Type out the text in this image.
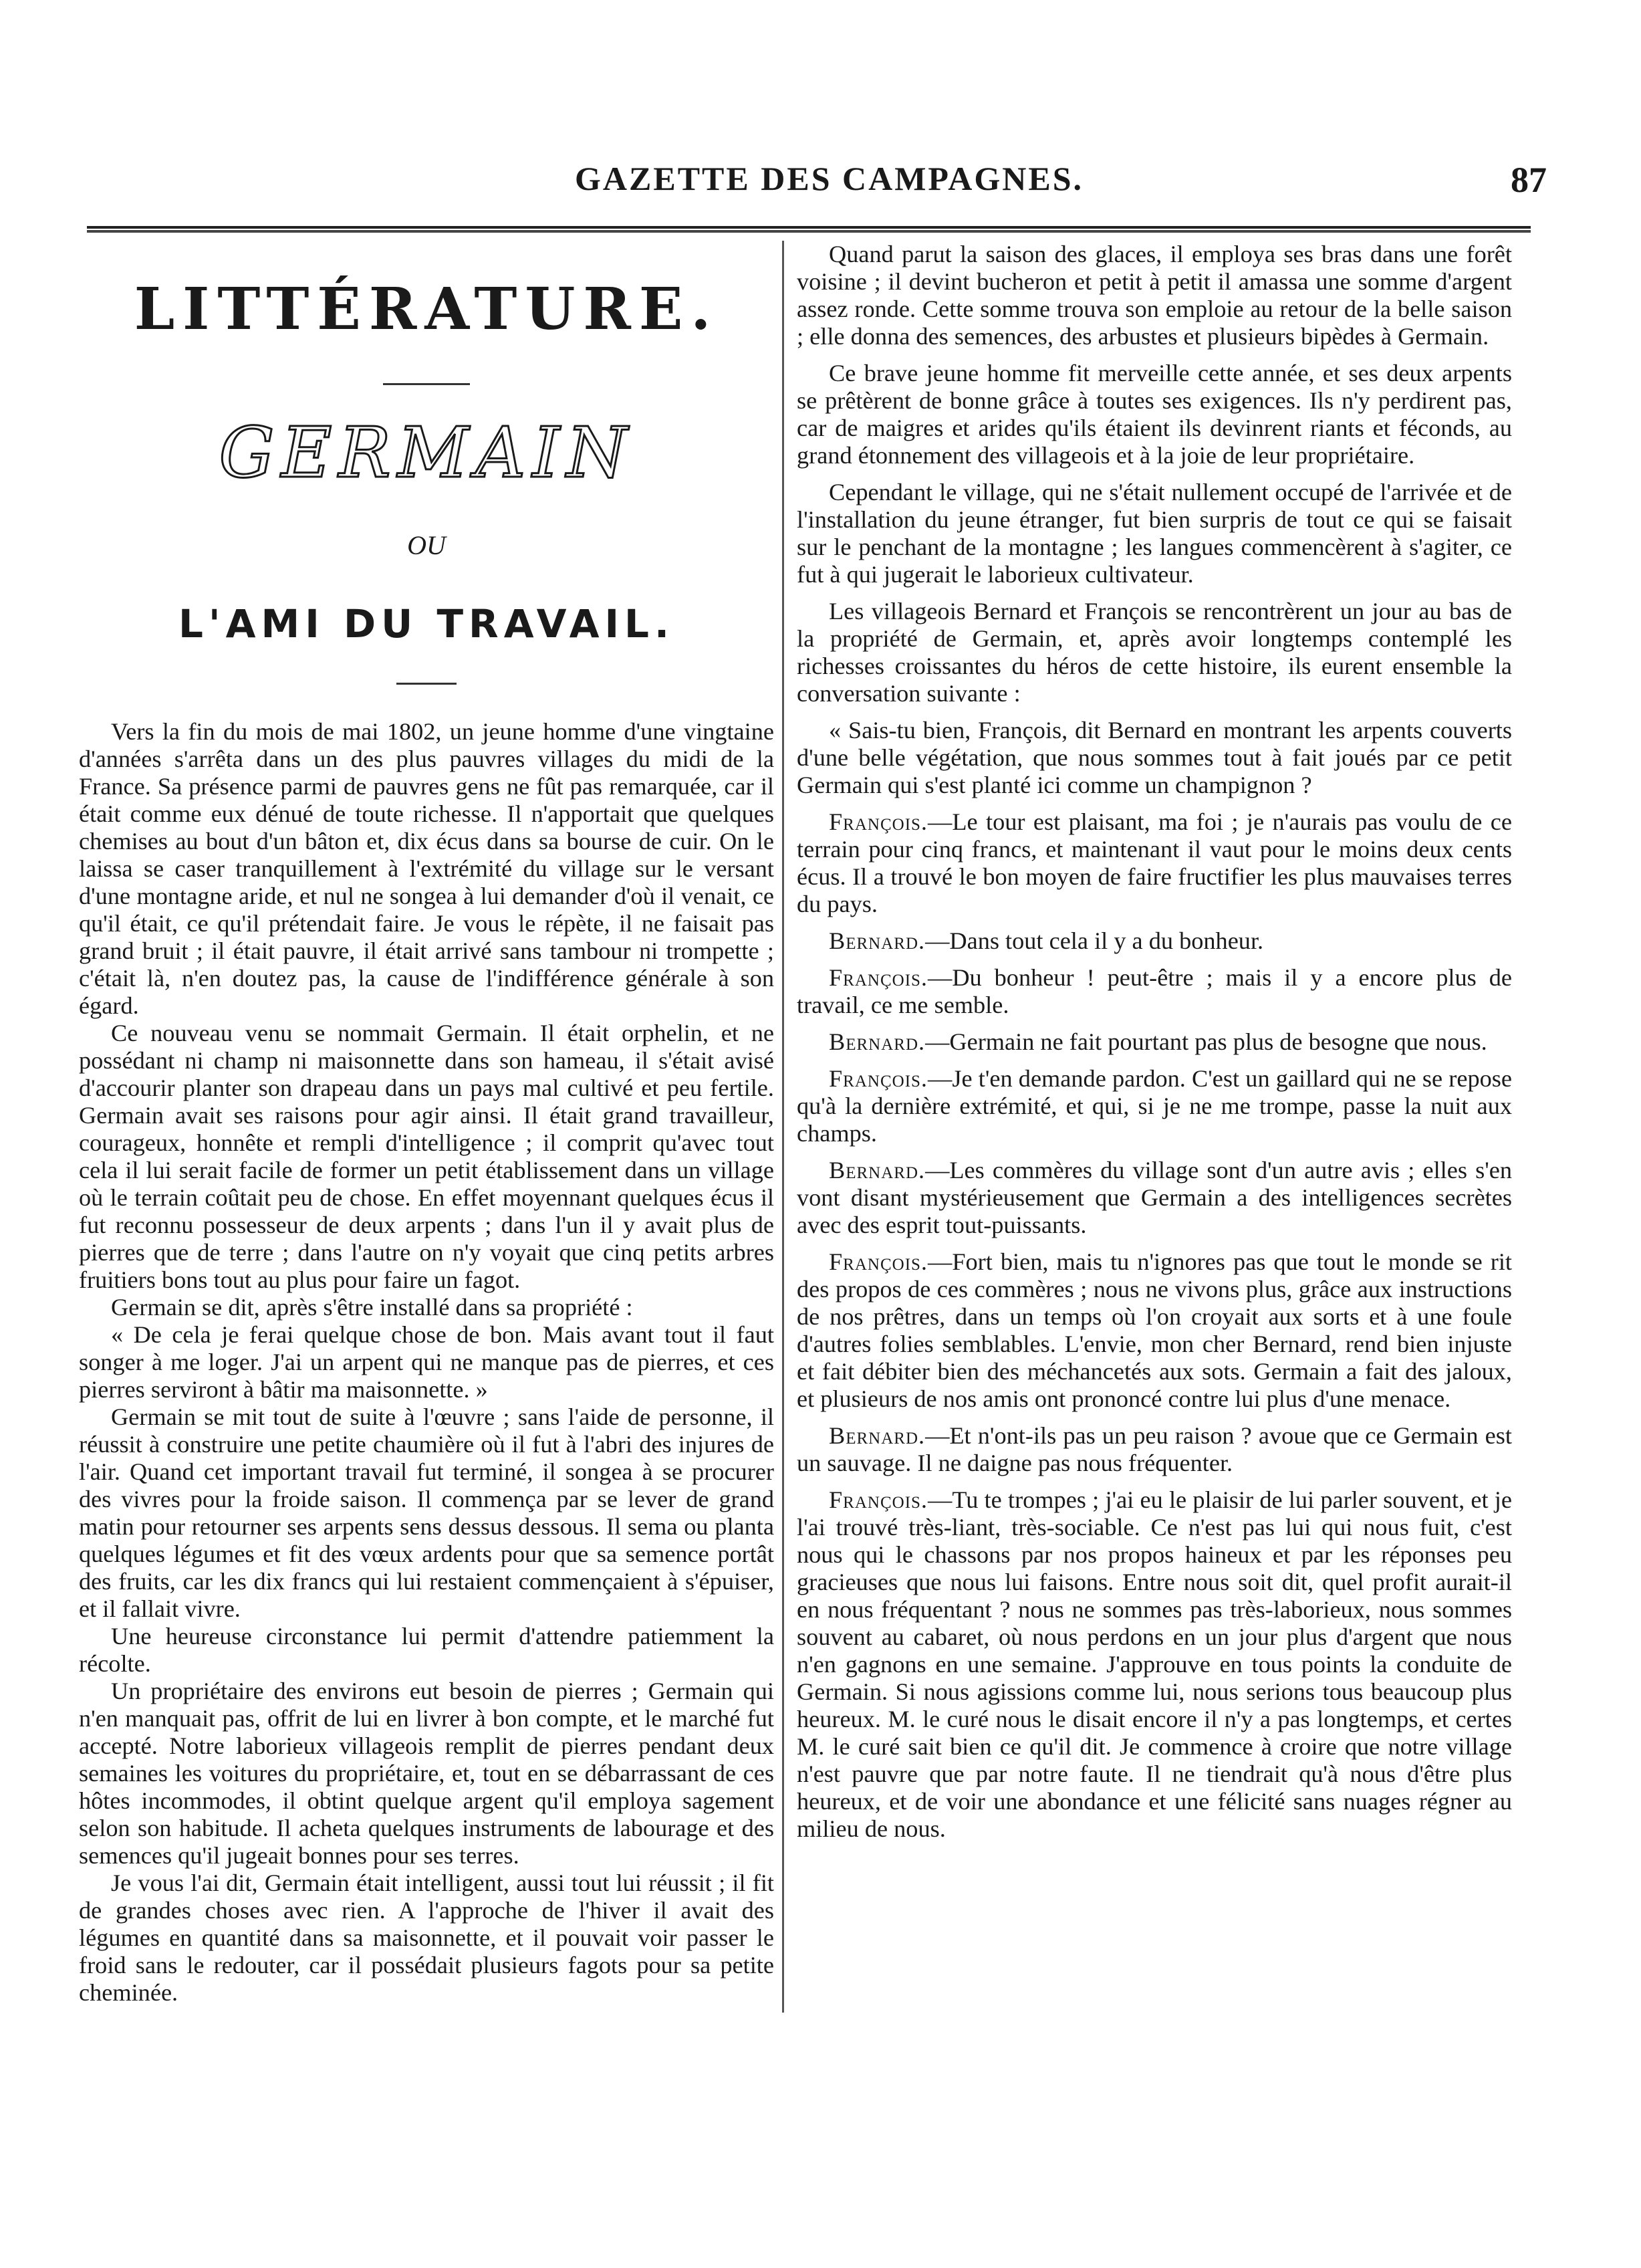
GAZETTE DES CAMPAGNES.	87
LITTÉRATURE.
GERMAIN
OU
L'AMI DU TRAVAIL.

Vers la fin du mois de mai 1802, un jeune homme d'une vingtaine d'années s'arrêta dans un des plus pauvres villages du midi de la France. Sa présence parmi de pauvres gens ne fût pas remarquée, car il était comme eux dénué de toute richesse. Il n'apportait que quelques chemises au bout d'un bâton et, dix écus dans sa bourse de cuir. On le laissa se caser tranquillement à l'extrémité du village sur le versant d'une montagne aride, et nul ne songea à lui demander d'où il venait, ce qu'il était, ce qu'il prétendait faire. Je vous le répète, il ne faisait pas grand bruit ; il était pauvre, il était arrivé sans tambour ni trompette ; c'était là, n'en doutez pas, la cause de l'indifférence générale à son égard.

Ce nouveau venu se nommait Germain. Il était orphelin, et ne possédant ni champ ni maisonnette dans son hameau, il s'était avisé d'accourir planter son drapeau dans un pays mal cultivé et peu fertile. Germain avait ses raisons pour agir ainsi. Il était grand travailleur, courageux, honnête et rempli d'intelligence ; il comprit qu'avec tout cela il lui serait facile de former un petit établissement dans un village où le terrain coûtait peu de chose. En effet moyennant quelques écus il fut reconnu possesseur de deux arpents ; dans l'un il y avait plus de pierres que de terre ; dans l'autre on n'y voyait que cinq petits arbres fruitiers bons tout au plus pour faire un fagot.

Germain se dit, après s'être installé dans sa propriété :

« De cela je ferai quelque chose de bon. Mais avant tout il faut songer à me loger. J'ai un arpent qui ne manque pas de pierres, et ces pierres serviront à bâtir ma maisonnette. »

Germain se mit tout de suite à l'œuvre ; sans l'aide de personne, il réussit à construire une petite chaumière où il fut à l'abri des injures de l'air. Quand cet important travail fut terminé, il songea à se procurer des vivres pour la froide saison. Il commença par se lever de grand matin pour retourner ses arpents sens dessus dessous. Il sema ou planta quelques légumes et fit des vœux ardents pour que sa semence portât des fruits, car les dix francs qui lui restaient commençaient à s'épuiser, et il fallait vivre.

Une heureuse circonstance lui permit d'attendre patiemment la récolte.

Un propriétaire des environs eut besoin de pierres ; Germain qui n'en manquait pas, offrit de lui en livrer à bon compte, et le marché fut accepté. Notre laborieux villageois remplit de pierres pendant deux semaines les voitures du propriétaire, et, tout en se débarrassant de ces hôtes incommodes, il obtint quelque argent qu'il employa sagement selon son habitude. Il acheta quelques instruments de labourage et des semences qu'il jugeait bonnes pour ses terres.

Je vous l'ai dit, Germain était intelligent, aussi tout lui réussit ; il fit de grandes choses avec rien. A l'approche de l'hiver il avait des légumes en quantité dans sa maisonnette, et il pouvait voir passer le froid sans le redouter, car il possédait plusieurs fagots pour sa petite cheminée.

Quand parut la saison des glaces, il employa ses bras dans une forêt voisine ; il devint bucheron et petit à petit il amassa une somme d'argent assez ronde. Cette somme trouva son emploie au retour de la belle saison ; elle donna des semences, des arbustes et plusieurs bipèdes à Germain.

Ce brave jeune homme fit merveille cette année, et ses deux arpents se prêtèrent de bonne grâce à toutes ses exigences. Ils n'y perdirent pas, car de maigres et arides qu'ils étaient ils devinrent riants et féconds, au grand étonnement des villageois et à la joie de leur propriétaire.

Cependant le village, qui ne s'était nullement occupé de l'arrivée et de l'installation du jeune étranger, fut bien surpris de tout ce qui se faisait sur le penchant de la montagne ; les langues commencèrent à s'agiter, ce fut à qui jugerait le laborieux cultivateur.

Les villageois Bernard et François se rencontrèrent un jour au bas de la propriété de Germain, et, après avoir longtemps contemplé les richesses croissantes du héros de cette histoire, ils eurent ensemble la conversation suivante :

« Sais-tu bien, François, dit Bernard en montrant les arpents couverts d'une belle végétation, que nous sommes tout à fait joués par ce petit Germain qui s'est planté ici comme un champignon ?

François.—Le tour est plaisant, ma foi ; je n'aurais pas voulu de ce terrain pour cinq francs, et maintenant il vaut pour le moins deux cents écus. Il a trouvé le bon moyen de faire fructifier les plus mauvaises terres du pays.

Bernard.—Dans tout cela il y a du bonheur.

François.—Du bonheur ! peut-être ; mais il y a encore plus de travail, ce me semble.

Bernard.—Germain ne fait pourtant pas plus de besogne que nous.

François.—Je t'en demande pardon. C'est un gaillard qui ne se repose qu'à la dernière extrémité, et qui, si je ne me trompe, passe la nuit aux champs.

Bernard.—Les commères du village sont d'un autre avis ; elles s'en vont disant mystérieusement que Germain a des intelligences secrètes avec des esprit tout-puissants.

François.—Fort bien, mais tu n'ignores pas que tout le monde se rit des propos de ces commères ; nous ne vivons plus, grâce aux instructions de nos prêtres, dans un temps où l'on croyait aux sorts et à une foule d'autres folies semblables. L'envie, mon cher Bernard, rend bien injuste et fait débiter bien des méchancetés aux sots. Germain a fait des jaloux, et plusieurs de nos amis ont prononcé contre lui plus d'une menace.

Bernard.—Et n'ont-ils pas un peu raison ? avoue que ce Germain est un sauvage. Il ne daigne pas nous fréquenter.

François.—Tu te trompes ; j'ai eu le plaisir de lui parler souvent, et je l'ai trouvé très-liant, très-sociable. Ce n'est pas lui qui nous fuit, c'est nous qui le chassons par nos propos haineux et par les réponses peu gracieuses que nous lui faisons. Entre nous soit dit, quel profit aurait-il en nous fréquentant ? nous ne sommes pas très-laborieux, nous sommes souvent au cabaret, où nous perdons en un jour plus d'argent que nous n'en gagnons en une semaine. J'approuve en tous points la conduite de Germain. Si nous agissions comme lui, nous serions tous beaucoup plus heureux. M. le curé nous le disait encore il n'y a pas longtemps, et certes M. le curé sait bien ce qu'il dit. Je commence à croire que notre village n'est pauvre que par notre faute. Il ne tiendrait qu'à nous d'être plus heureux, et de voir une abondance et une félicité sans nuages régner au milieu de nous.
